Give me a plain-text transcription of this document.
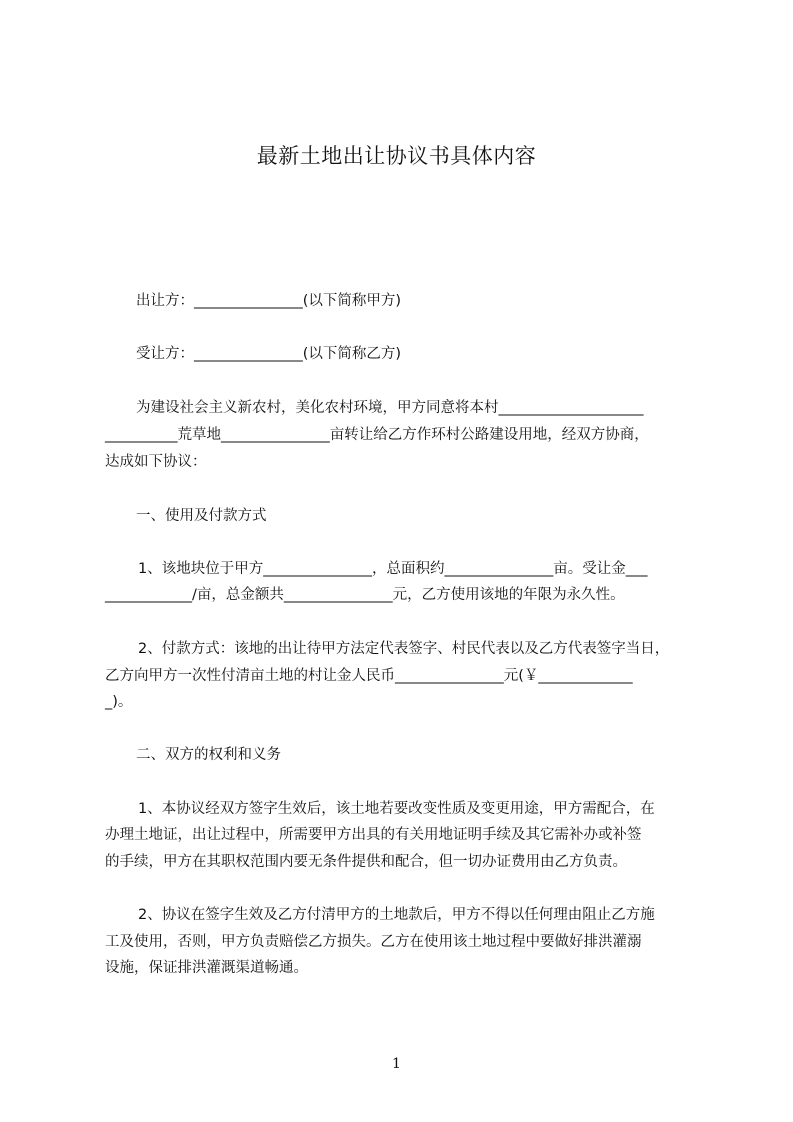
最新土地出让协议书具体内容
出让方：_______________(以下简称甲方)
受让方：_______________(以下简称乙方)
为建设社会主义新农村，美化农村环境，甲方同意将本村____________________
__________荒草地_______________亩转让给乙方作环村公路建设用地，经双方协商，
达成如下协议：
一、使用及付款方式
1、该地块位于甲方_______________，总面积约_______________亩。受让金___
____________/亩，总金额共_______________元，乙方使用该地的年限为永久性。
2、付款方式：该地的出让待甲方法定代表签字、村民代表以及乙方代表签字当日，
乙方向甲方一次性付清亩土地的村让金人民币_______________元(￥_____________
_)。
二、双方的权利和义务
1、本协议经双方签字生效后，该土地若要改变性质及变更用途，甲方需配合，在
办理土地证，出让过程中，所需要甲方出具的有关用地证明手续及其它需补办或补签
的手续，甲方在其职权范围内要无条件提供和配合，但一切办证费用由乙方负责。
2、协议在签字生效及乙方付清甲方的土地款后，甲方不得以任何理由阻止乙方施
工及使用，否则，甲方负责赔偿乙方损失。乙方在使用该土地过程中要做好排洪灌溺
设施，保证排洪灌溉渠道畅通。
1
